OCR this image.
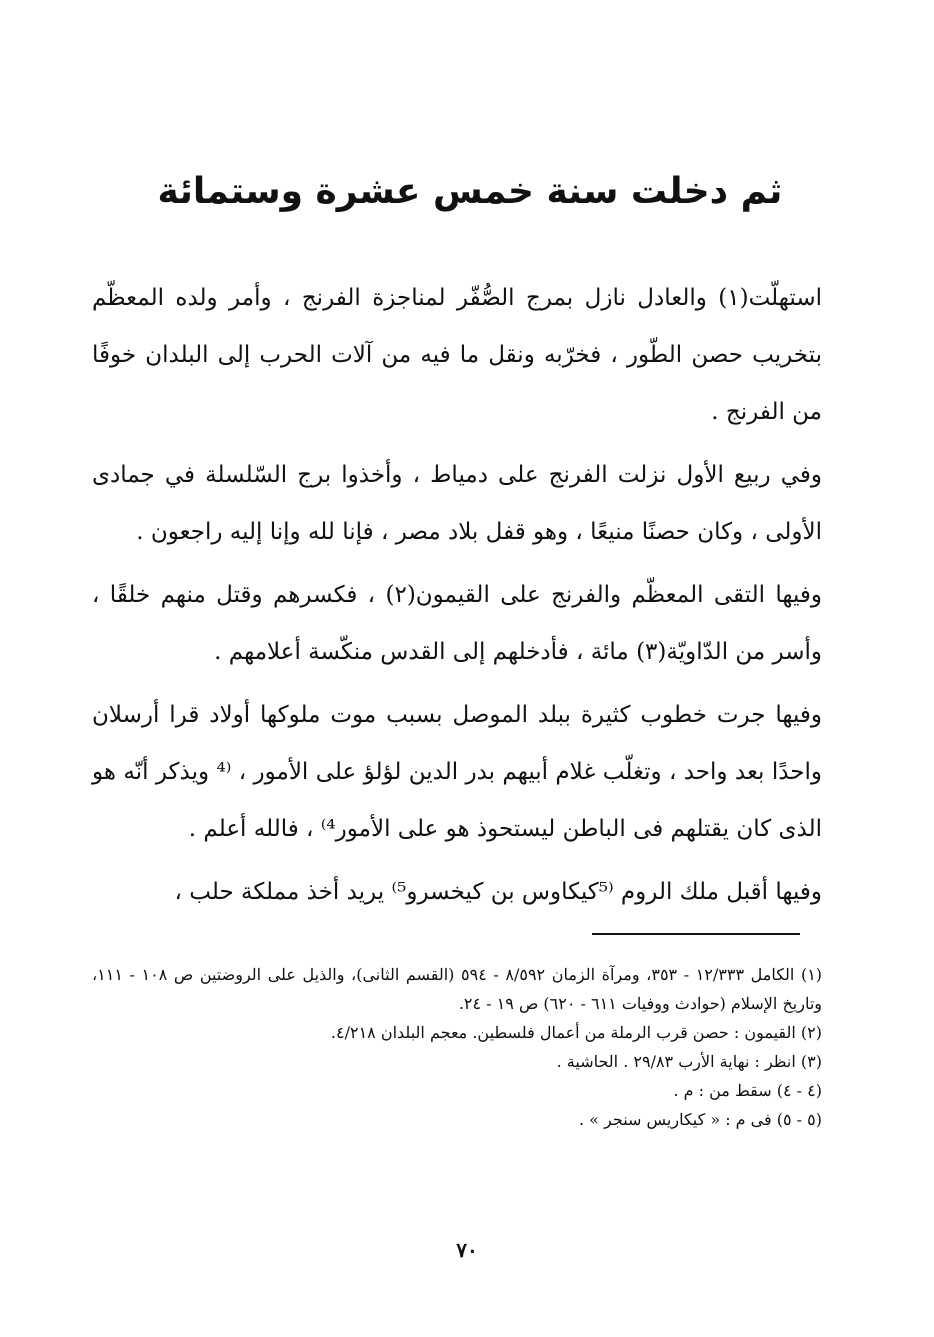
ثم دخلت سنة خمس عشرة وستمائة

استهلّت(١) والعادل نازل بمرج الصُّفّر لمناجزة الفرنج ، وأمر ولده المعظّم بتخريب حصن الطّور ، فخرّبه ونقل ما فيه من آلات الحرب إلى البلدان خوفًا من الفرنج .

وفي ربيع الأول نزلت الفرنج على دمياط ، وأخذوا برج السّلسلة في جمادى الأولى ، وكان حصنًا منيعًا ، وهو قفل بلاد مصر ، فإنا لله وإنا إليه راجعون .

وفيها التقى المعظّم والفرنج على القيمون(٢) ، فكسرهم وقتل منهم خلقًا ، وأسر من الدّاويّة(٣) مائة ، فأدخلهم إلى القدس منكّسة أعلامهم .

وفيها جرت خطوب كثيرة ببلد الموصل بسبب موت ملوكها أولاد قرا أرسلان واحدًا بعد واحد ، وتغلّب غلام أبيهم بدر الدين لؤلؤ على الأمور ، ⁽⁴ ويذكر أنّه هو الذى كان يقتلهم فى الباطن ليستحوذ هو على الأمور⁴⁾ ، فالله أعلم .

وفيها أقبل ملك الروم ⁽⁵كيكاوس بن كيخسرو⁵⁾ يريد أخذ مملكة حلب ،

(١) الكامل ١٢/٣٣٣ - ٣٥٣، ومرآة الزمان ٨/٥٩٢ - ٥٩٤ (القسم الثانى)، والذيل على الروضتين ص ١٠٨ - ١١١، وتاريخ الإسلام (حوادث ووفيات ٦١١ - ٦٢٠) ص ١٩ - ٢٤.
(٢) القيمون : حصن قرب الرملة من أعمال فلسطين. معجم البلدان ٤/٢١٨.
(٣) انظر : نهاية الأرب ٢٩/٨٣ . الحاشية .
(٤ - ٤) سقط من : م .
(٥ - ٥) فى م : « كيكاريس سنجر » .
٧٠
